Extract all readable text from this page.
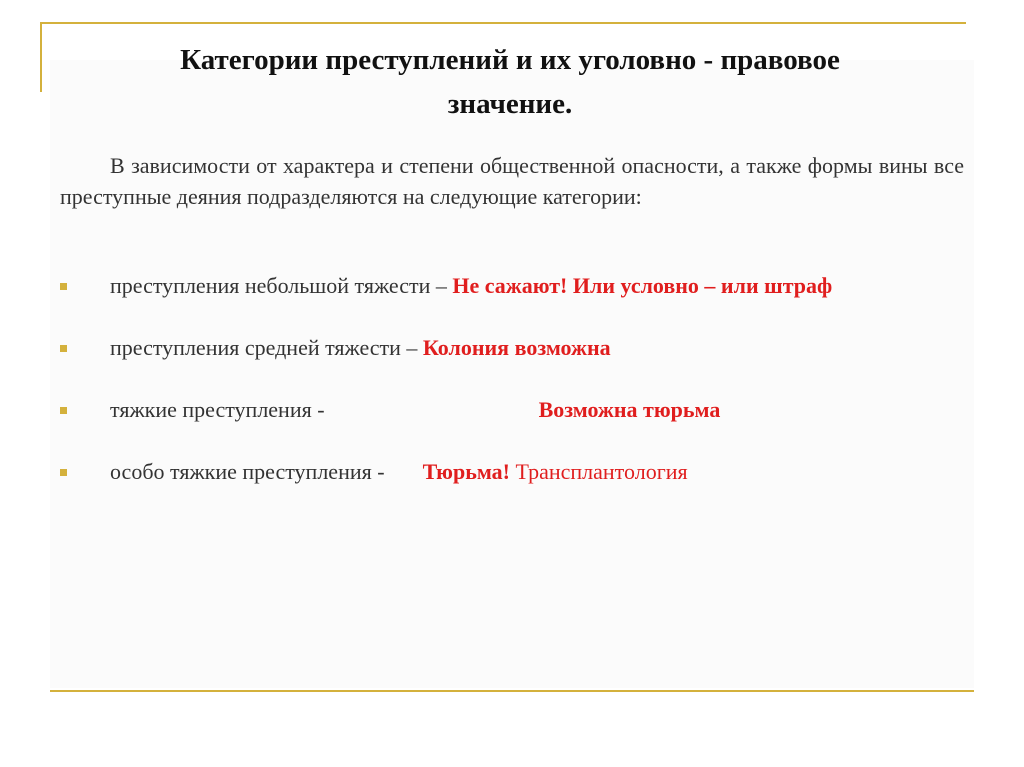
Категории преступлений и их уголовно - правовое
значение.
В зависимости от характера и степени общественной опасности, а также формы вины все преступные деяния подразделяются на следующие категории:
преступления небольшой тяжести – Не сажают! Или условно – или штраф
преступления средней тяжести – Колония возможна
тяжкие преступления -	Возможна тюрьма
особо тяжкие преступления - Тюрьма! Трансплантология
